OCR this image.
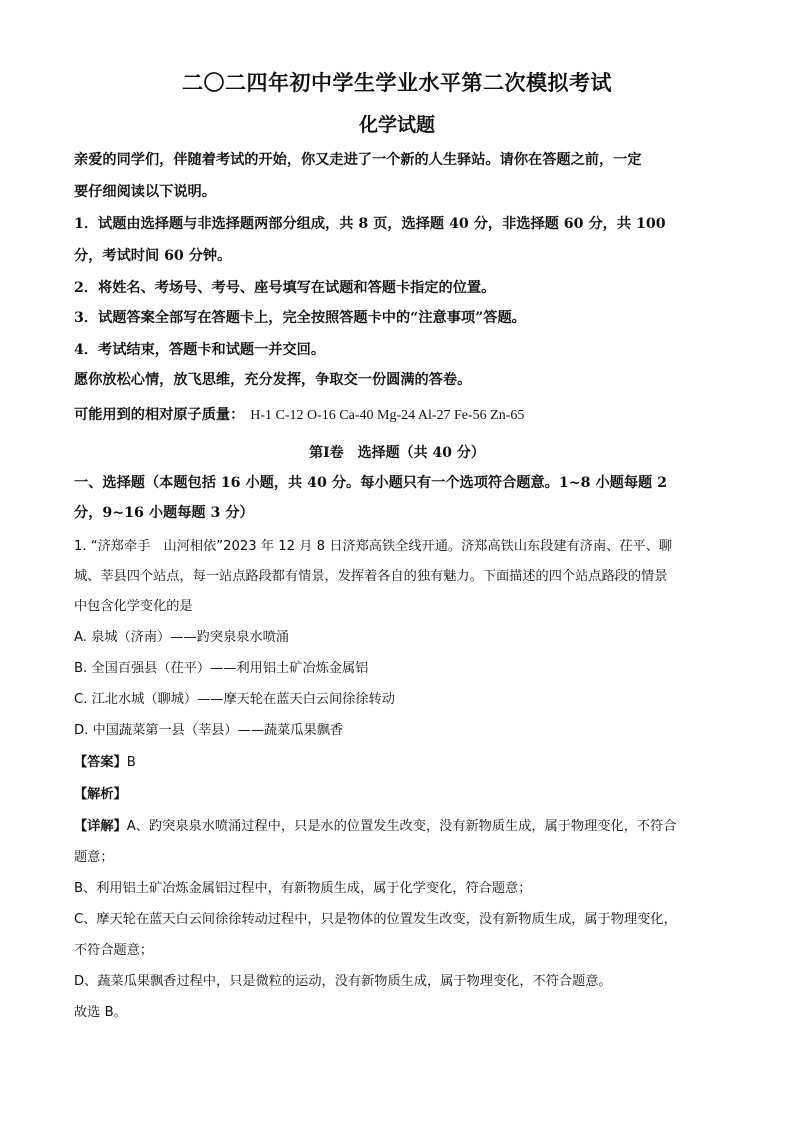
二〇二四年初中学生学业水平第二次模拟考试
化学试题
亲爱的同学们，伴随着考试的开始，你又走进了一个新的人生驿站。请你在答题之前，一定
要仔细阅读以下说明。
1．试题由选择题与非选择题两部分组成，共 8 页，选择题 40 分，非选择题 60 分，共 100
分，考试时间 60 分钟。
2．将姓名、考场号、考号、座号填写在试题和答题卡指定的位置。
3．试题答案全部写在答题卡上，完全按照答题卡中的“注意事项”答题。
4．考试结束，答题卡和试题一并交回。
愿你放松心情，放飞思维，充分发挥，争取交一份圆满的答卷。
可能用到的相对原子质量： H-1 C-12 O-16 Ca-40 Mg-24 Al-27 Fe-56 Zn-65
第Ⅰ卷　选择题（共 40 分）
一、选择题（本题包括 16 小题，共 40 分。每小题只有一个选项符合题意。1~8 小题每题 2
分，9~16 小题每题 3 分）
1. “济郑牵手　山河相依”2023 年 12 月 8 日济郑高铁全线开通。济郑高铁山东段建有济南、茌平、聊
城、莘县四个站点，每一站点路段都有情景，发挥着各自的独有魅力。下面描述的四个站点路段的情景
中包含化学变化的是
A. 泉城（济南）——趵突泉泉水喷涌
B. 全国百强县（茌平）——利用铝土矿冶炼金属铝
C. 江北水城（聊城）——摩天轮在蓝天白云间徐徐转动
D. 中国蔬菜第一县（莘县）——蔬菜瓜果飘香
【答案】B
【解析】
【详解】A、趵突泉泉水喷涌过程中，只是水的位置发生改变，没有新物质生成，属于物理变化，不符合
题意；
B、利用铝土矿冶炼金属铝过程中，有新物质生成，属于化学变化，符合题意；
C、摩天轮在蓝天白云间徐徐转动过程中，只是物体的位置发生改变，没有新物质生成，属于物理变化，
不符合题意；
D、蔬菜瓜果飘香过程中，只是微粒的运动，没有新物质生成，属于物理变化，不符合题意。
故选 B。
